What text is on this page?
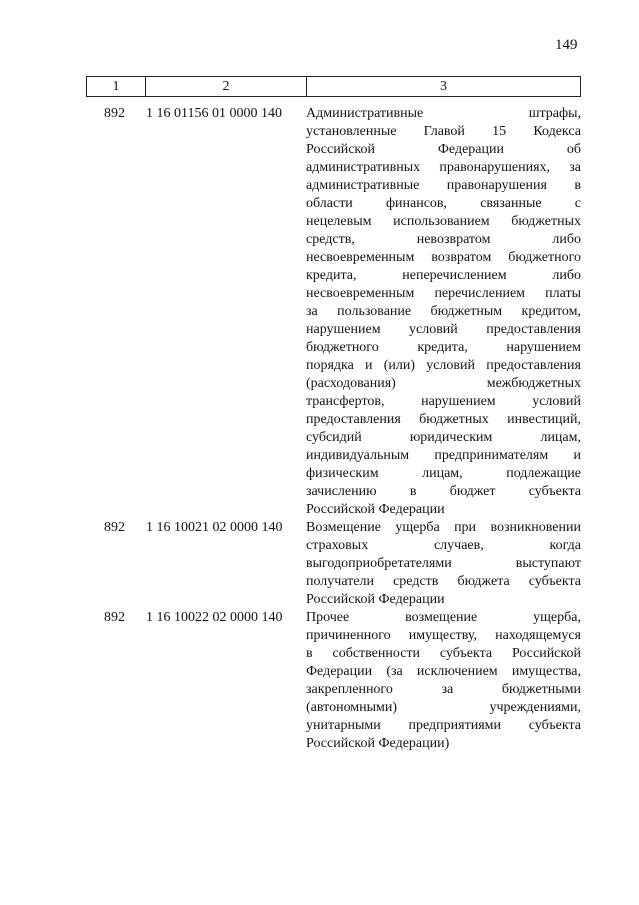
149
1	2	3
892	1 16 01156 01 0000 140	Административные	штрафы,
установленные Главой 15 Кодекса
Российской	Федерации	об
административных правонарушениях, за
административные правонарушения в
области финансов, связанные с
нецелевым использованием бюджетных
средств,	невозвратом	либо
несвоевременным возвратом бюджетного
кредита,	неперечислением	либо
несвоевременным перечислением платы
за пользование бюджетным кредитом,
нарушением условий предоставления
бюджетного	кредита,	нарушением
порядка и (или) условий предоставления
(расходования)	межбюджетных
трансфертов,	нарушением	условий
предоставления бюджетных инвестиций,
субсидий	юридическим	лицам,
индивидуальным предпринимателям и
физическим	лицам,	подлежащие
зачислению в бюджет субъекта
Российской Федерации
892	1 16 10021 02 0000 140	Возмещение ущерба при возникновении
страховых	случаев,	когда
выгодоприобретателями	выступают
получатели средств бюджета субъекта
Российской Федерации
892	1 16 10022 02 0000 140	Прочее	возмещение	ущерба,
причиненного имуществу, находящемуся
в собственности субъекта Российской
Федерации (за исключением имущества,
закрепленного	за	бюджетными
(автономными)	учреждениями,
унитарными предприятиями субъекта
Российской Федерации)
